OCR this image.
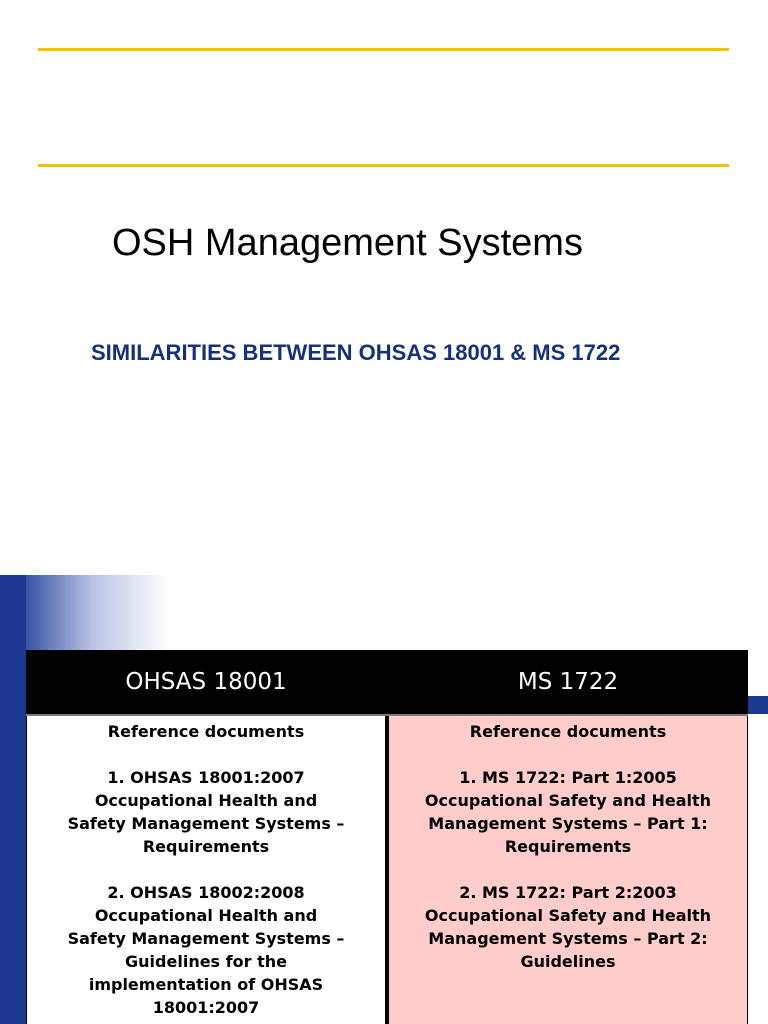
OSH Management Systems
SIMILARITIES BETWEEN OHSAS 18001 & MS 1722
OHSAS 18001
Reference documents
1. OHSAS 18001:2007
Occupational Health and
Safety Management Systems –
Requirements
2. OHSAS 18002:2008
Occupational Health and
Safety Management Systems –
Guidelines for the
implementation of OHSAS
18001:2007
MS 1722
Reference documents
1. MS 1722: Part 1:2005
Occupational Safety and Health
Management Systems – Part 1:
Requirements
2. MS 1722: Part 2:2003
Occupational Safety and Health
Management Systems – Part 2:
Guidelines
